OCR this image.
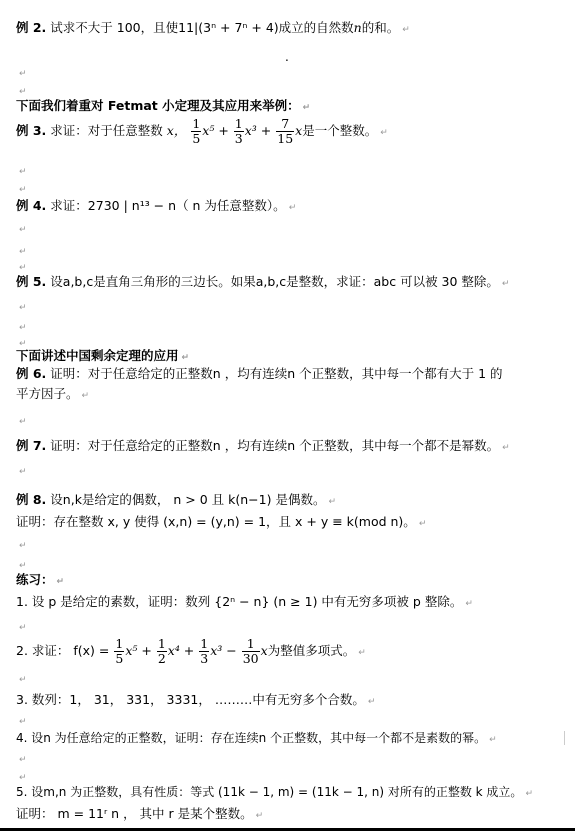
例 2. 试求不大于 100，且使11|(3ⁿ + 7ⁿ + 4)成立的自然数n的和。 ↵
.
↵
↵
下面我们着重对 Fetmat 小定理及其应用来举例： ↵
例 3. 求证：对于任意整数 x， $\frac{1}{5} x^5 + \frac{1}{3} x^3 + \frac{7}{15}$ x是一个整数。 ↵
↵
↵
例 4. 求证：2730 | n¹³ − n（ n 为任意整数）。 ↵
↵
↵
↵
例 5. 设a,b,c是直角三角形的三边长。如果a,b,c是整数，求证：abc 可以被 30 整除。 ↵
↵
↵
↵
下面讲述中国剩余定理的应用 ↵
例 6. 证明：对于任意给定的正整数n ，均有连续n 个正整数，其中每一个都有大于 1 的
平方因子。 ↵
↵
例 7. 证明：对于任意给定的正整数n ，均有连续n 个正整数，其中每一个都不是幂数。 ↵
↵
例 8. 设n,k是给定的偶数， n > 0 且 k(n−1) 是偶数。 ↵
证明：存在整数 x, y 使得 (x,n) = (y,n) = 1，且 x + y ≡ k(mod n)。 ↵
↵
↵
练习： ↵
1. 设 p 是给定的素数，证明：数列 {2ⁿ − n} (n ≥ 1) 中有无穷多项被 p 整除。 ↵
↵
2. 求证： $f(x) = \frac{1}{5} x^5 + \frac{1}{2} x^4 + \frac{1}{3} x^3 - \frac{1}{30}$ x为整值多项式。 ↵
↵
3. 数列：1， 31， 331， 3331， ………中有无穷多个合数。 ↵
↵
4. 设n 为任意给定的正整数，证明：存在连续n 个正整数，其中每一个都不是素数的幂。 ↵
↵
↵
5. 设m,n 为正整数，具有性质：等式 (11k − 1, m) = (11k − 1, n) 对所有的正整数 k 成立。 ↵
证明： m = 11ʳ n ， 其中 r 是某个整数。 ↵
